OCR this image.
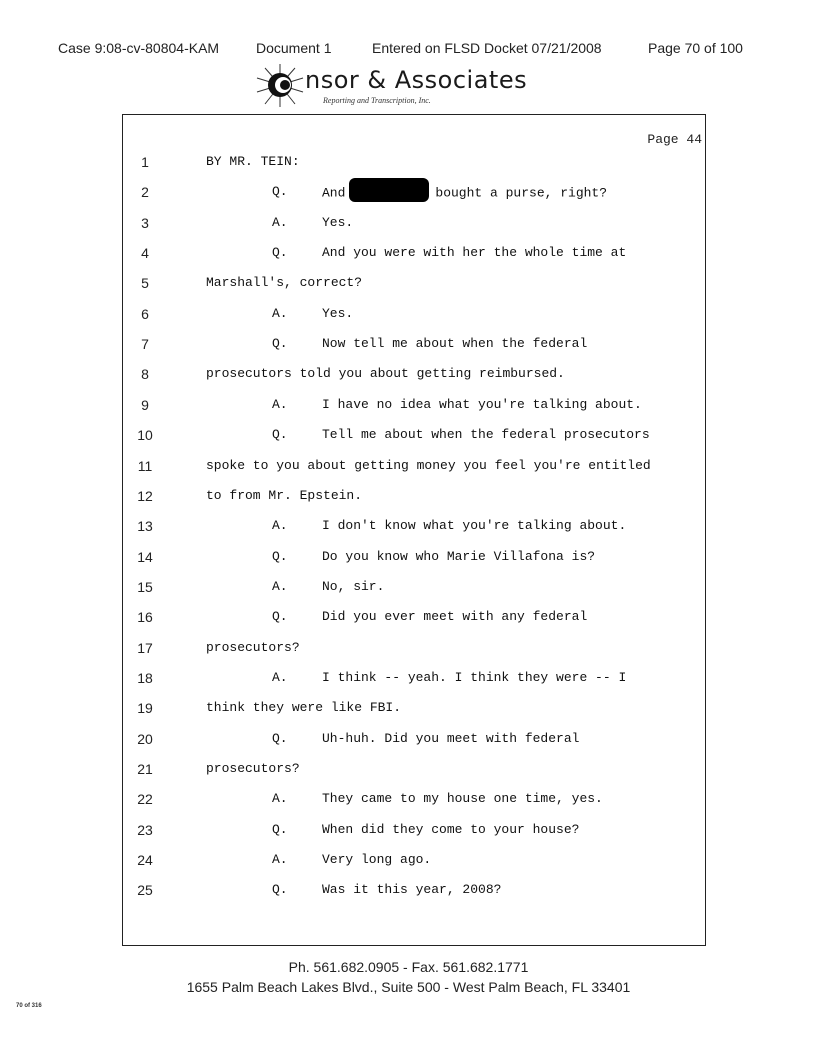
Case 9:08-cv-80804-KAM	Document 1	Entered on FLSD Docket 07/21/2008	Page 70 of 100
nsor & Associates
Reporting and Transcription, Inc.
Page 44
1	BY MR. TEIN:
2	Q.	And	bought a purse, right?
3	A.	Yes.
4	Q.	And you were with her the whole time at
5	Marshall's, correct?
6	A.	Yes.
7	Q.	Now tell me about when the federal
8	prosecutors told you about getting reimbursed.
9	A.	I have no idea what you're talking about.
10	Q.	Tell me about when the federal prosecutors
11	spoke to you about getting money you feel you're entitled
12	to from Mr. Epstein.
13	A.	I don't know what you're talking about.
14	Q.	Do you know who Marie Villafona is?
15	A.	No, sir.
16	Q.	Did you ever meet with any federal
17	prosecutors?
18	A.	I think -- yeah. I think they were -- I
19	think they were like FBI.
20	Q.	Uh-huh. Did you meet with federal
21	prosecutors?
22	A.	They came to my house one time, yes.
23	Q.	When did they come to your house?
24	A.	Very long ago.
25	Q.	Was it this year, 2008?
Ph. 561.682.0905 - Fax. 561.682.1771
1655 Palm Beach Lakes Blvd., Suite 500 - West Palm Beach, FL 33401
70 of 316
